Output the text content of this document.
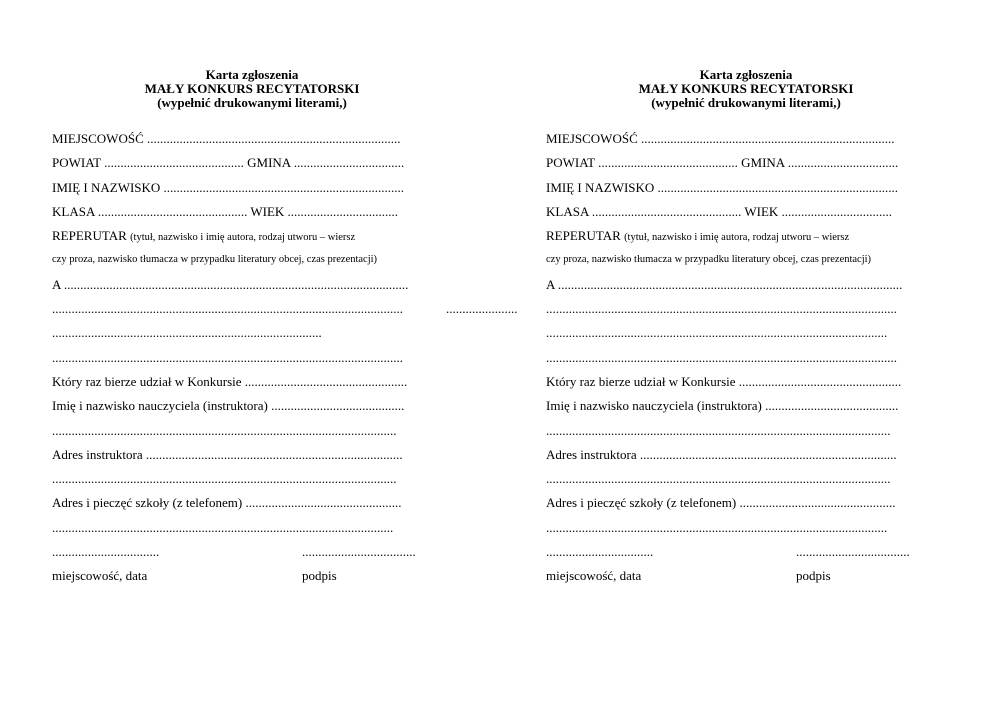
Karta zgłoszenia
MAŁY KONKURS RECYTATORSKI
(wypełnić drukowanymi literami,)
MIEJSCOWOŚĆ ..............................................................................
POWIAT ........................................... GMINA ..................................
IMIĘ I NAZWISKO ..........................................................................
KLASA .............................................. WIEK ..................................
REPERUTAR (tytuł, nazwisko i imię autora, rodzaj utworu – wiersz
czy proza, nazwisko tłumacza w przypadku literatury obcej, czas prezentacji)
A ..........................................................................................................
............................................................................................................	......................
...................................................................................
............................................................................................................
Który raz bierze udział w Konkursie ..................................................
Imię i nazwisko nauczyciela (instruktora) .........................................
..........................................................................................................
Adres instruktora ...............................................................................
..........................................................................................................
Adres i pieczęć szkoły (z telefonem) ................................................
.........................................................................................................
.................................	...................................
miejscowość, data	podpis
Karta zgłoszenia
MAŁY KONKURS RECYTATORSKI
(wypełnić drukowanymi literami,)
MIEJSCOWOŚĆ ..............................................................................
POWIAT ........................................... GMINA ..................................
IMIĘ I NAZWISKO ..........................................................................
KLASA .............................................. WIEK ..................................
REPERUTAR (tytuł, nazwisko i imię autora, rodzaj utworu – wiersz
czy proza, nazwisko tłumacza w przypadku literatury obcej, czas prezentacji)
A ..........................................................................................................
............................................................................................................
.........................................................................................................
............................................................................................................
Który raz bierze udział w Konkursie ..................................................
Imię i nazwisko nauczyciela (instruktora) .........................................
..........................................................................................................
Adres instruktora ...............................................................................
..........................................................................................................
Adres i pieczęć szkoły (z telefonem) ................................................
.........................................................................................................
.................................	...................................
miejscowość, data	podpis
